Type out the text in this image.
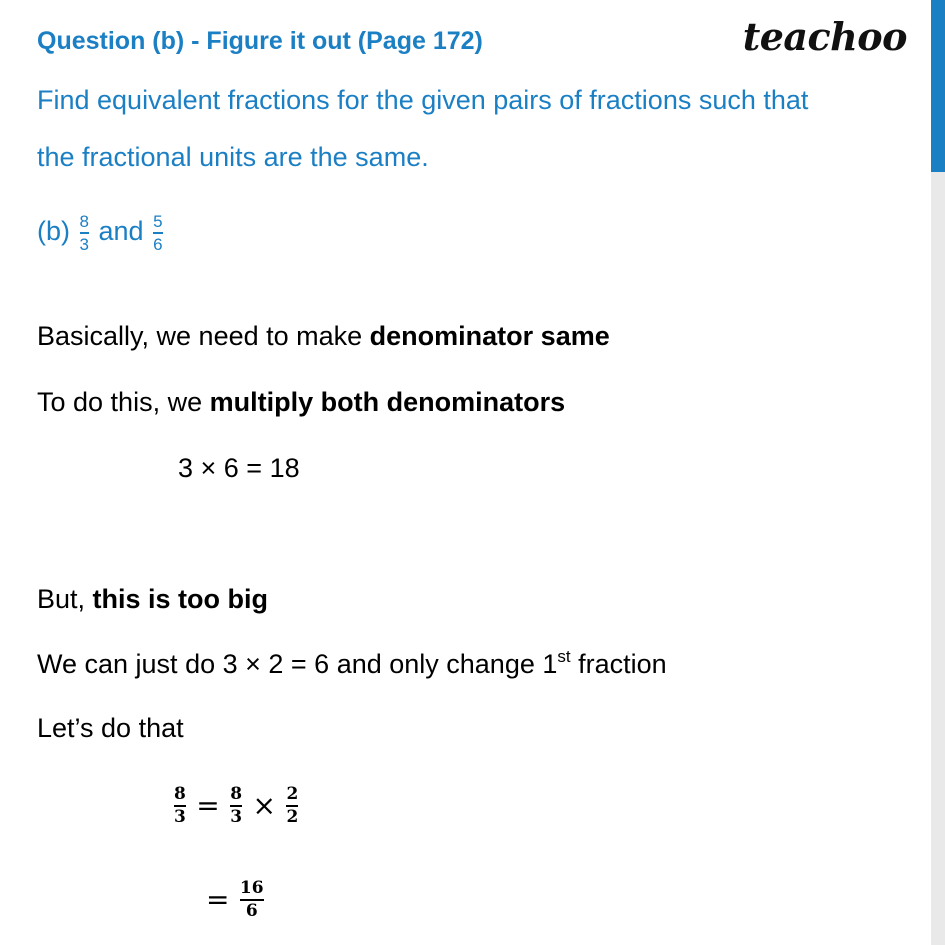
Question (b) - Figure it out (Page 172)	teachoo
Find equivalent fractions for the given pairs of fractions such that
the fractional units are the same.
$(b) \frac{8}{3}$ and $\frac{5}{6}$
Basically, we need to make denominator same
To do this, we multiply both denominators
3 × 6 = 18
But, this is too big
We can just do 3 × 2 = 6 and only change 1st fraction
Let’s do that
$\frac{8}{3} = \frac{8}{3} \times \frac{2}{2}$
= $\frac{16}{6}$
